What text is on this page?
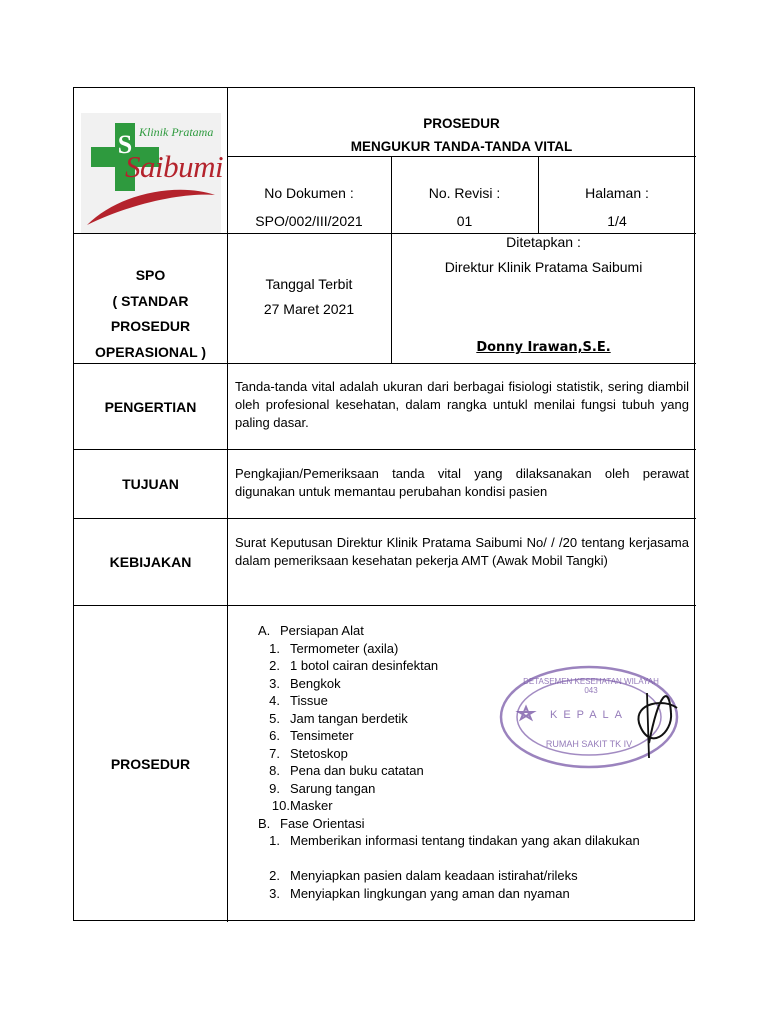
S Klinik Pratama
Saibumi
PROSEDUR
MENGUKUR TANDA-TANDA VITAL
No Dokumen :
SPO/002/III/2021
No. Revisi :
01
Halaman :
1/4
SPO
( STANDAR
PROSEDUR
OPERASIONAL )
Tanggal Terbit
27 Maret 2021
Ditetapkan :
Direktur Klinik Pratama Saibumi
Donny Irawan,S.E.
PENGERTIAN
Tanda-tanda vital adalah ukuran dari berbagai fisiologi statistik, sering diambil oleh profesional kesehatan, dalam rangka untukl menilai fungsi tubuh yang paling dasar.
TUJUAN
Pengkajian/Pemeriksaan tanda vital yang dilaksanakan oleh perawat digunakan untuk memantau perubahan kondisi pasien
KEBIJAKAN
Surat Keputusan Direktur Klinik Pratama Saibumi No/ / /20 tentang kerjasama dalam pemeriksaan kesehatan pekerja AMT (Awak Mobil Tangki)
PROSEDUR
A. Persiapan Alat
1. Termometer (axila)
2. 1 botol cairan desinfektan
3. Bengkok
4. Tissue
5. Jam tangan berdetik
6. Tensimeter
7. Stetoskop
8. Pena dan buku catatan
9. Sarung tangan
10. Masker
B. Fase Orientasi
1. Memberikan informasi tentang tindakan yang akan dilakukan
2. Menyiapkan pasien dalam keadaan istirahat/rileks
3. Menyiapkan lingkungan yang aman dan nyaman
DETASEMEN KESEHATAN WILAYAH 043
KEPALA
RUMAH SAKIT TK IV
